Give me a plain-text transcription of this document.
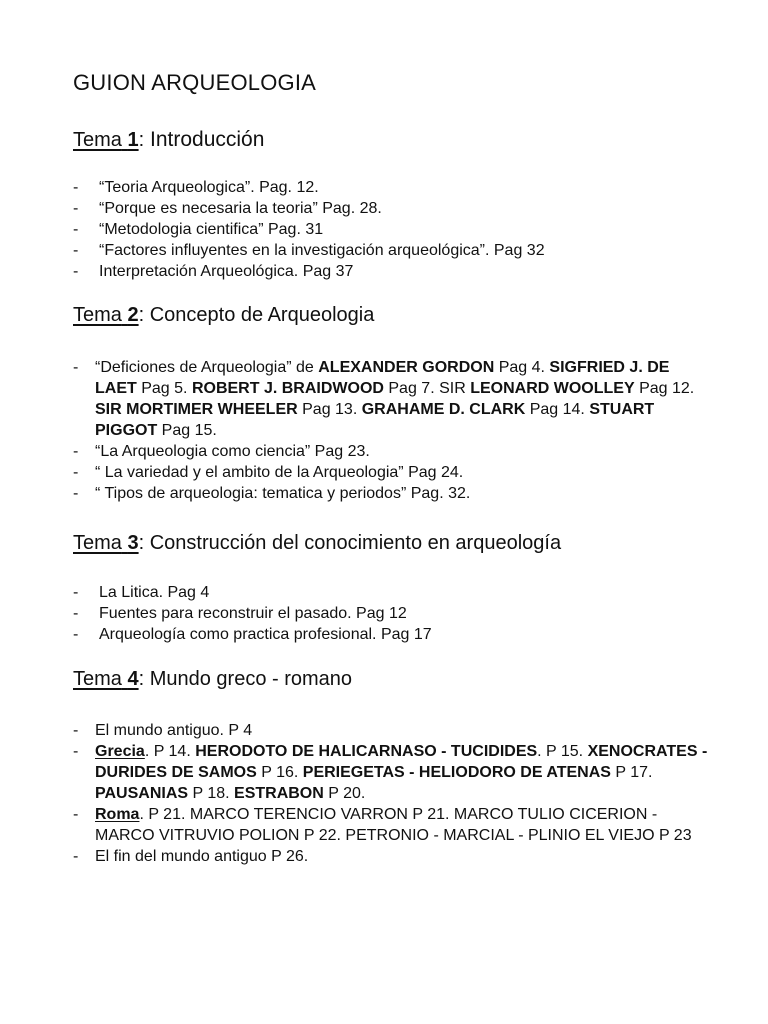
GUION ARQUEOLOGIA
Tema 1: Introducción
- “Teoria Arqueologica”. Pag. 12.
- “Porque es necesaria la teoria” Pag. 28.
- “Metodologia cientifica” Pag. 31
- “Factores influyentes en la investigación arqueológica”. Pag 32
- Interpretación Arqueológica. Pag 37
Tema 2: Concepto de Arqueologia
- “Deficiones de Arqueologia” de ALEXANDER GORDON Pag 4. SIGFRIED J. DE LAET Pag 5. ROBERT J. BRAIDWOOD Pag 7. SIR LEONARD WOOLLEY Pag 12. SIR MORTIMER WHEELER Pag 13. GRAHAME D. CLARK Pag 14. STUART PIGGOT Pag 15.
- “La Arqueologia como ciencia” Pag 23.
- “ La variedad y el ambito de la Arqueologia” Pag 24.
- “ Tipos de arqueologia: tematica y periodos” Pag. 32.
Tema 3: Construcción del conocimiento en arqueología
- La Litica. Pag 4
- Fuentes para reconstruir el pasado. Pag 12
- Arqueología como practica profesional. Pag 17
Tema 4: Mundo greco - romano
- El mundo antiguo. P 4
- Grecia. P 14. HERODOTO DE HALICARNASO - TUCIDIDES. P 15. XENOCRATES - DURIDES DE SAMOS P 16. PERIEGETAS - HELIODORO DE ATENAS P 17. PAUSANIAS P 18. ESTRABON P 20.
- Roma. P 21. MARCO TERENCIO VARRON P 21. MARCO TULIO CICERION - MARCO VITRUVIO POLION P 22. PETRONIO - MARCIAL - PLINIO EL VIEJO P 23
- El fin del mundo antiguo P 26.
